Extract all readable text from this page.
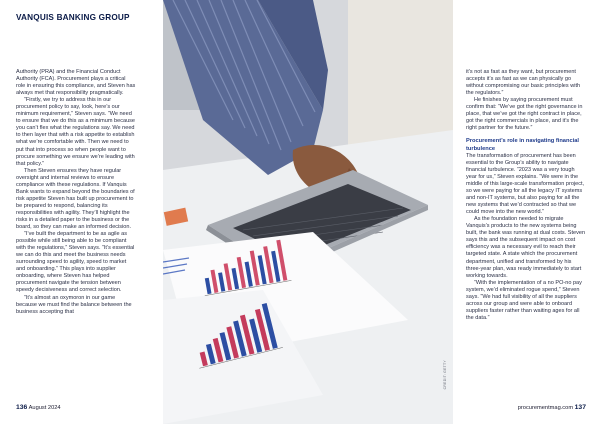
VANQUIS BANKING GROUP

Authority (PRA) and the Financial Conduct Authority (FCA). Procurement plays a critical role in ensuring this compliance, and Steven has always met that responsibility pragmatically.

“Firstly, we try to address this in our procurement policy to say, look, here’s our minimum requirement,” Steven says. “We need to ensure that we do this as a minimum because you can’t flex what the regulations say. We need to then layer that with a risk appetite to establish what we’re comfortable with. Then we need to put that into process so when people want to procure something we ensure we’re leading with that policy.”

Then Steven ensures they have regular oversight and internal reviews to ensure compliance with these regulations. If Vanquis Bank wants to expand beyond the boundaries of risk appetite Steven has built up procurement to be prepared to respond, balancing its responsibilities with agility. They’ll highlight the risks in a detailed paper to the business or the board, so they can make an informed decision.

“I’ve built the department to be as agile as possible while still being able to be compliant with the regulations,” Steven says. “It’s essential we can do this and meet the business needs surrounding speed to agility, speed to market and onboarding.” This plays into supplier onboarding, where Steven has helped procurement navigate the tension between speedy decisiveness and correct selection.

“It’s almost an oxymoron in our game because we must find the balance between the business accepting that

CREDIT: GETTY

it’s not as fast as they want, but procurement accepts it’s as fast as we can physically go without compromising our basic principles with the regulators.”

He finishes by saying procurement must confirm that: “We’ve got the right governance in place, that we’ve got the right contract in place, got the right commercials in place, and it’s the right partner for the future.”

Procurement’s role in navigating financial turbulence

The transformation of procurement has been essential to the Group’s ability to navigate financial turbulence. “2023 was a very tough year for us,” Steven explains. “We were in the middle of this large-scale transformation project, so we were paying for all the legacy IT systems and non-IT systems, but also paying for all the new systems that we’d contracted so that we could move into the new world.”

As the foundation needed to migrate Vanquis’s products to the new systems being built, the bank was running at dual costs. Steven says this and the subsequent impact on cost efficiency was a necessary evil to reach their targeted state. A state which the procurement department, unified and transformed by his three-year plan, was ready immediately to start working towards.

“With the implementation of a no PO-no pay system, we’d eliminated rogue spend,” Steven says. “We had full visibility of all the suppliers across our group and were able to onboard suppliers faster rather than waiting ages for all the data.”

136 August 2024	procurementmag.com 137
